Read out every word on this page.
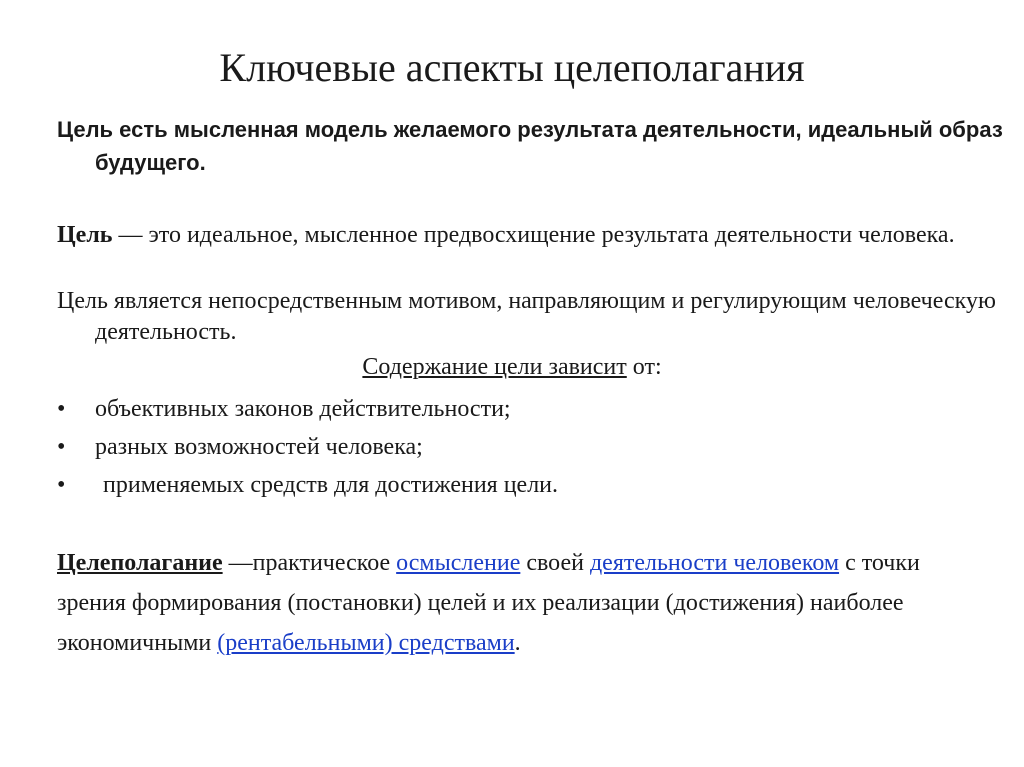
Ключевые аспекты целеполагания
Цель есть мысленная модель желаемого результата деятельности, идеальный образ будущего.
Цель — это идеальное, мысленное предвосхищение результата деятельности человека.
Цель является непосредственным мотивом, направляющим и регулирующим человеческую деятельность.
Содержание цели зависит от:
• объективных законов действительности;
• разных возможностей человека;
• применяемых средств для достижения цели.
Целеполагание —практическое осмысление своей деятельности человеком с точки зрения формирования (постановки) целей и их реализации (достижения) наиболее экономичными (рентабельными) средствами.
